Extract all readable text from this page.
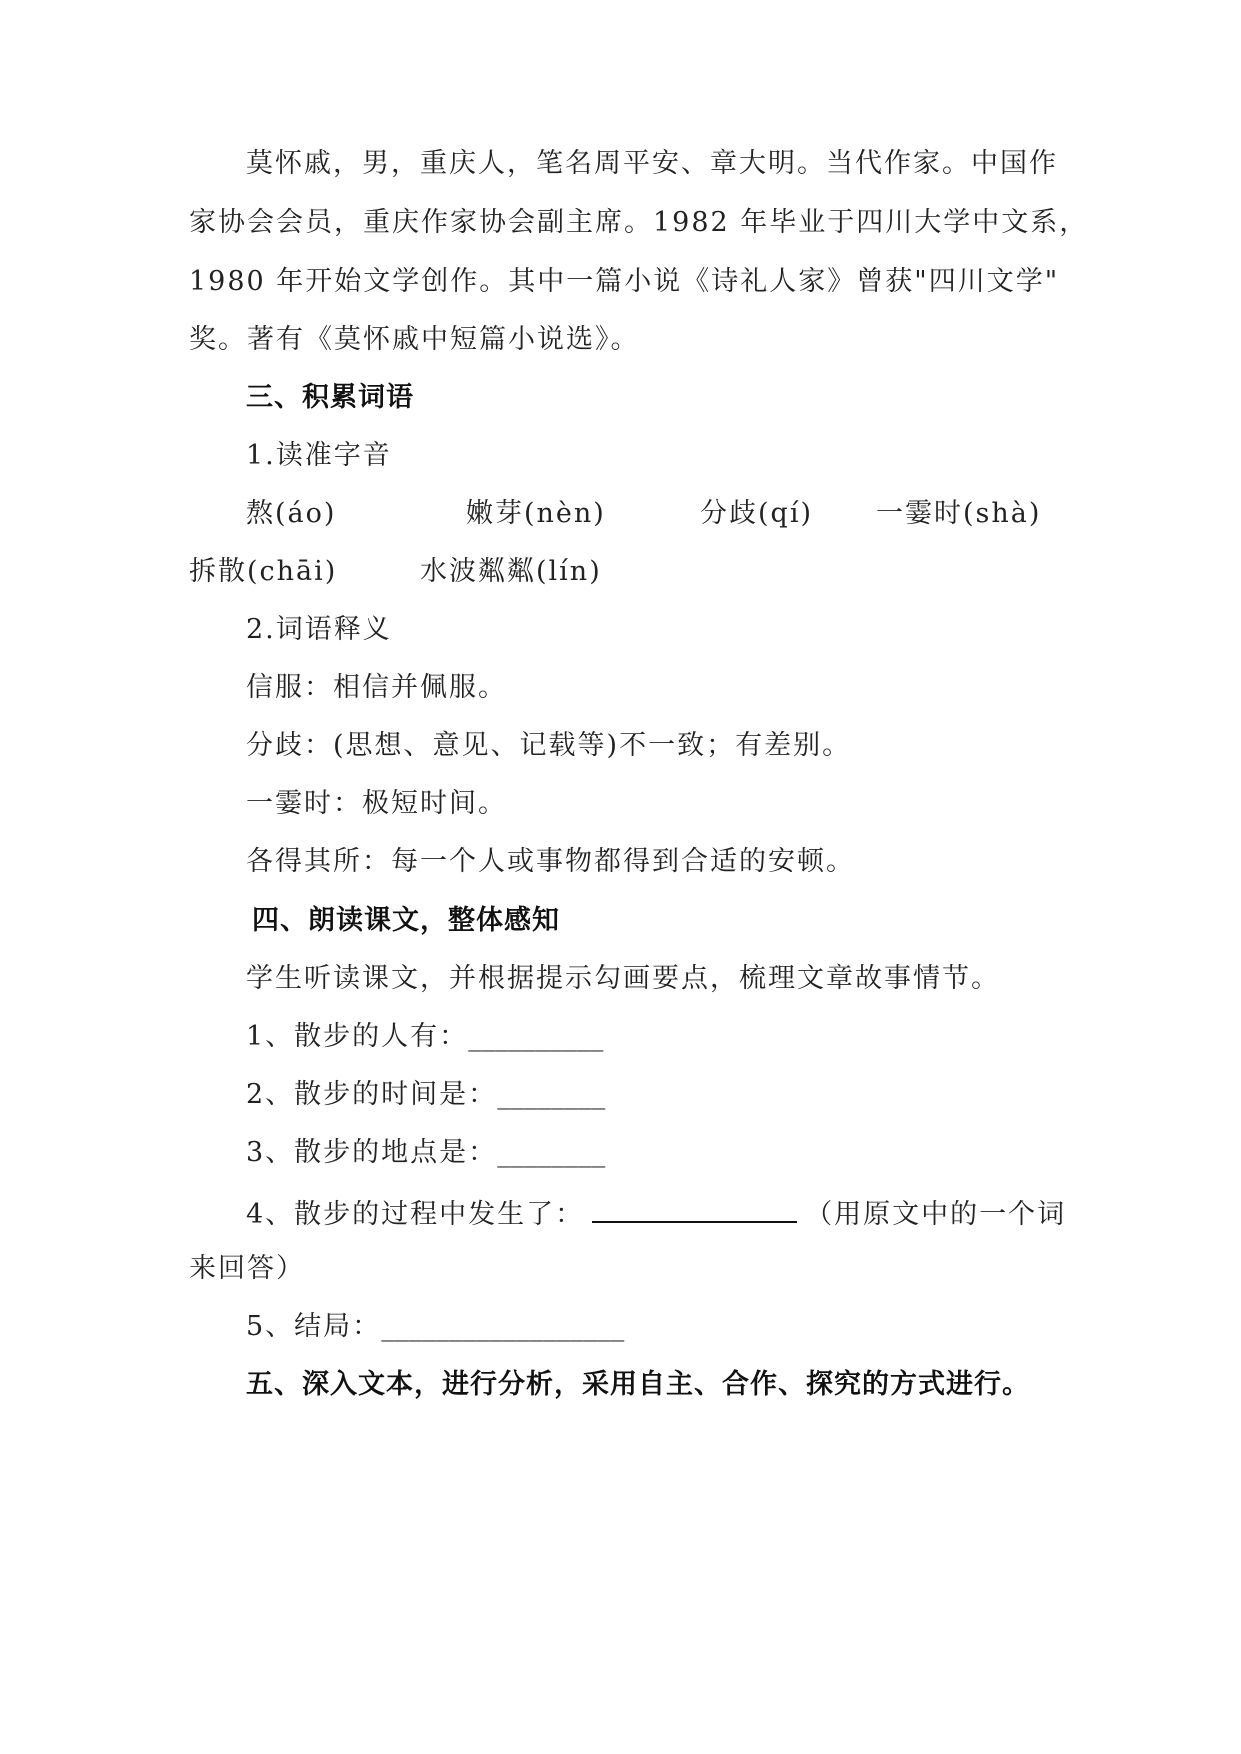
莫怀戚，男，重庆人，笔名周平安、章大明。当代作家。中国作
家协会会员，重庆作家协会副主席。1982 年毕业于四川大学中文系，
1980 年开始文学创作。其中一篇小说《诗礼人家》曾获"四川文学"
奖。著有《莫怀戚中短篇小说选》。
三、积累词语
1.读准字音
熬(áo)	嫩芽(nèn)	分歧(qí) 一霎时(shà)
拆散(chāi)	水波粼粼(lín)
2.词语释义
信服：相信并佩服。
分歧：(思想、意见、记载等)不一致；有差别。
一霎时：极短时间。
各得其所：每一个人或事物都得到合适的安顿。
四、朗读课文，整体感知
学生听读课文，并根据提示勾画要点，梳理文章故事情节。
1、散步的人有：__________
2、散步的时间是：________
3、散步的地点是：________
4、散步的过程中发生了：	（用原文中的一个词
来回答）
5、结局：__________________
五、深入文本，进行分析，采用自主、合作、探究的方式进行。
